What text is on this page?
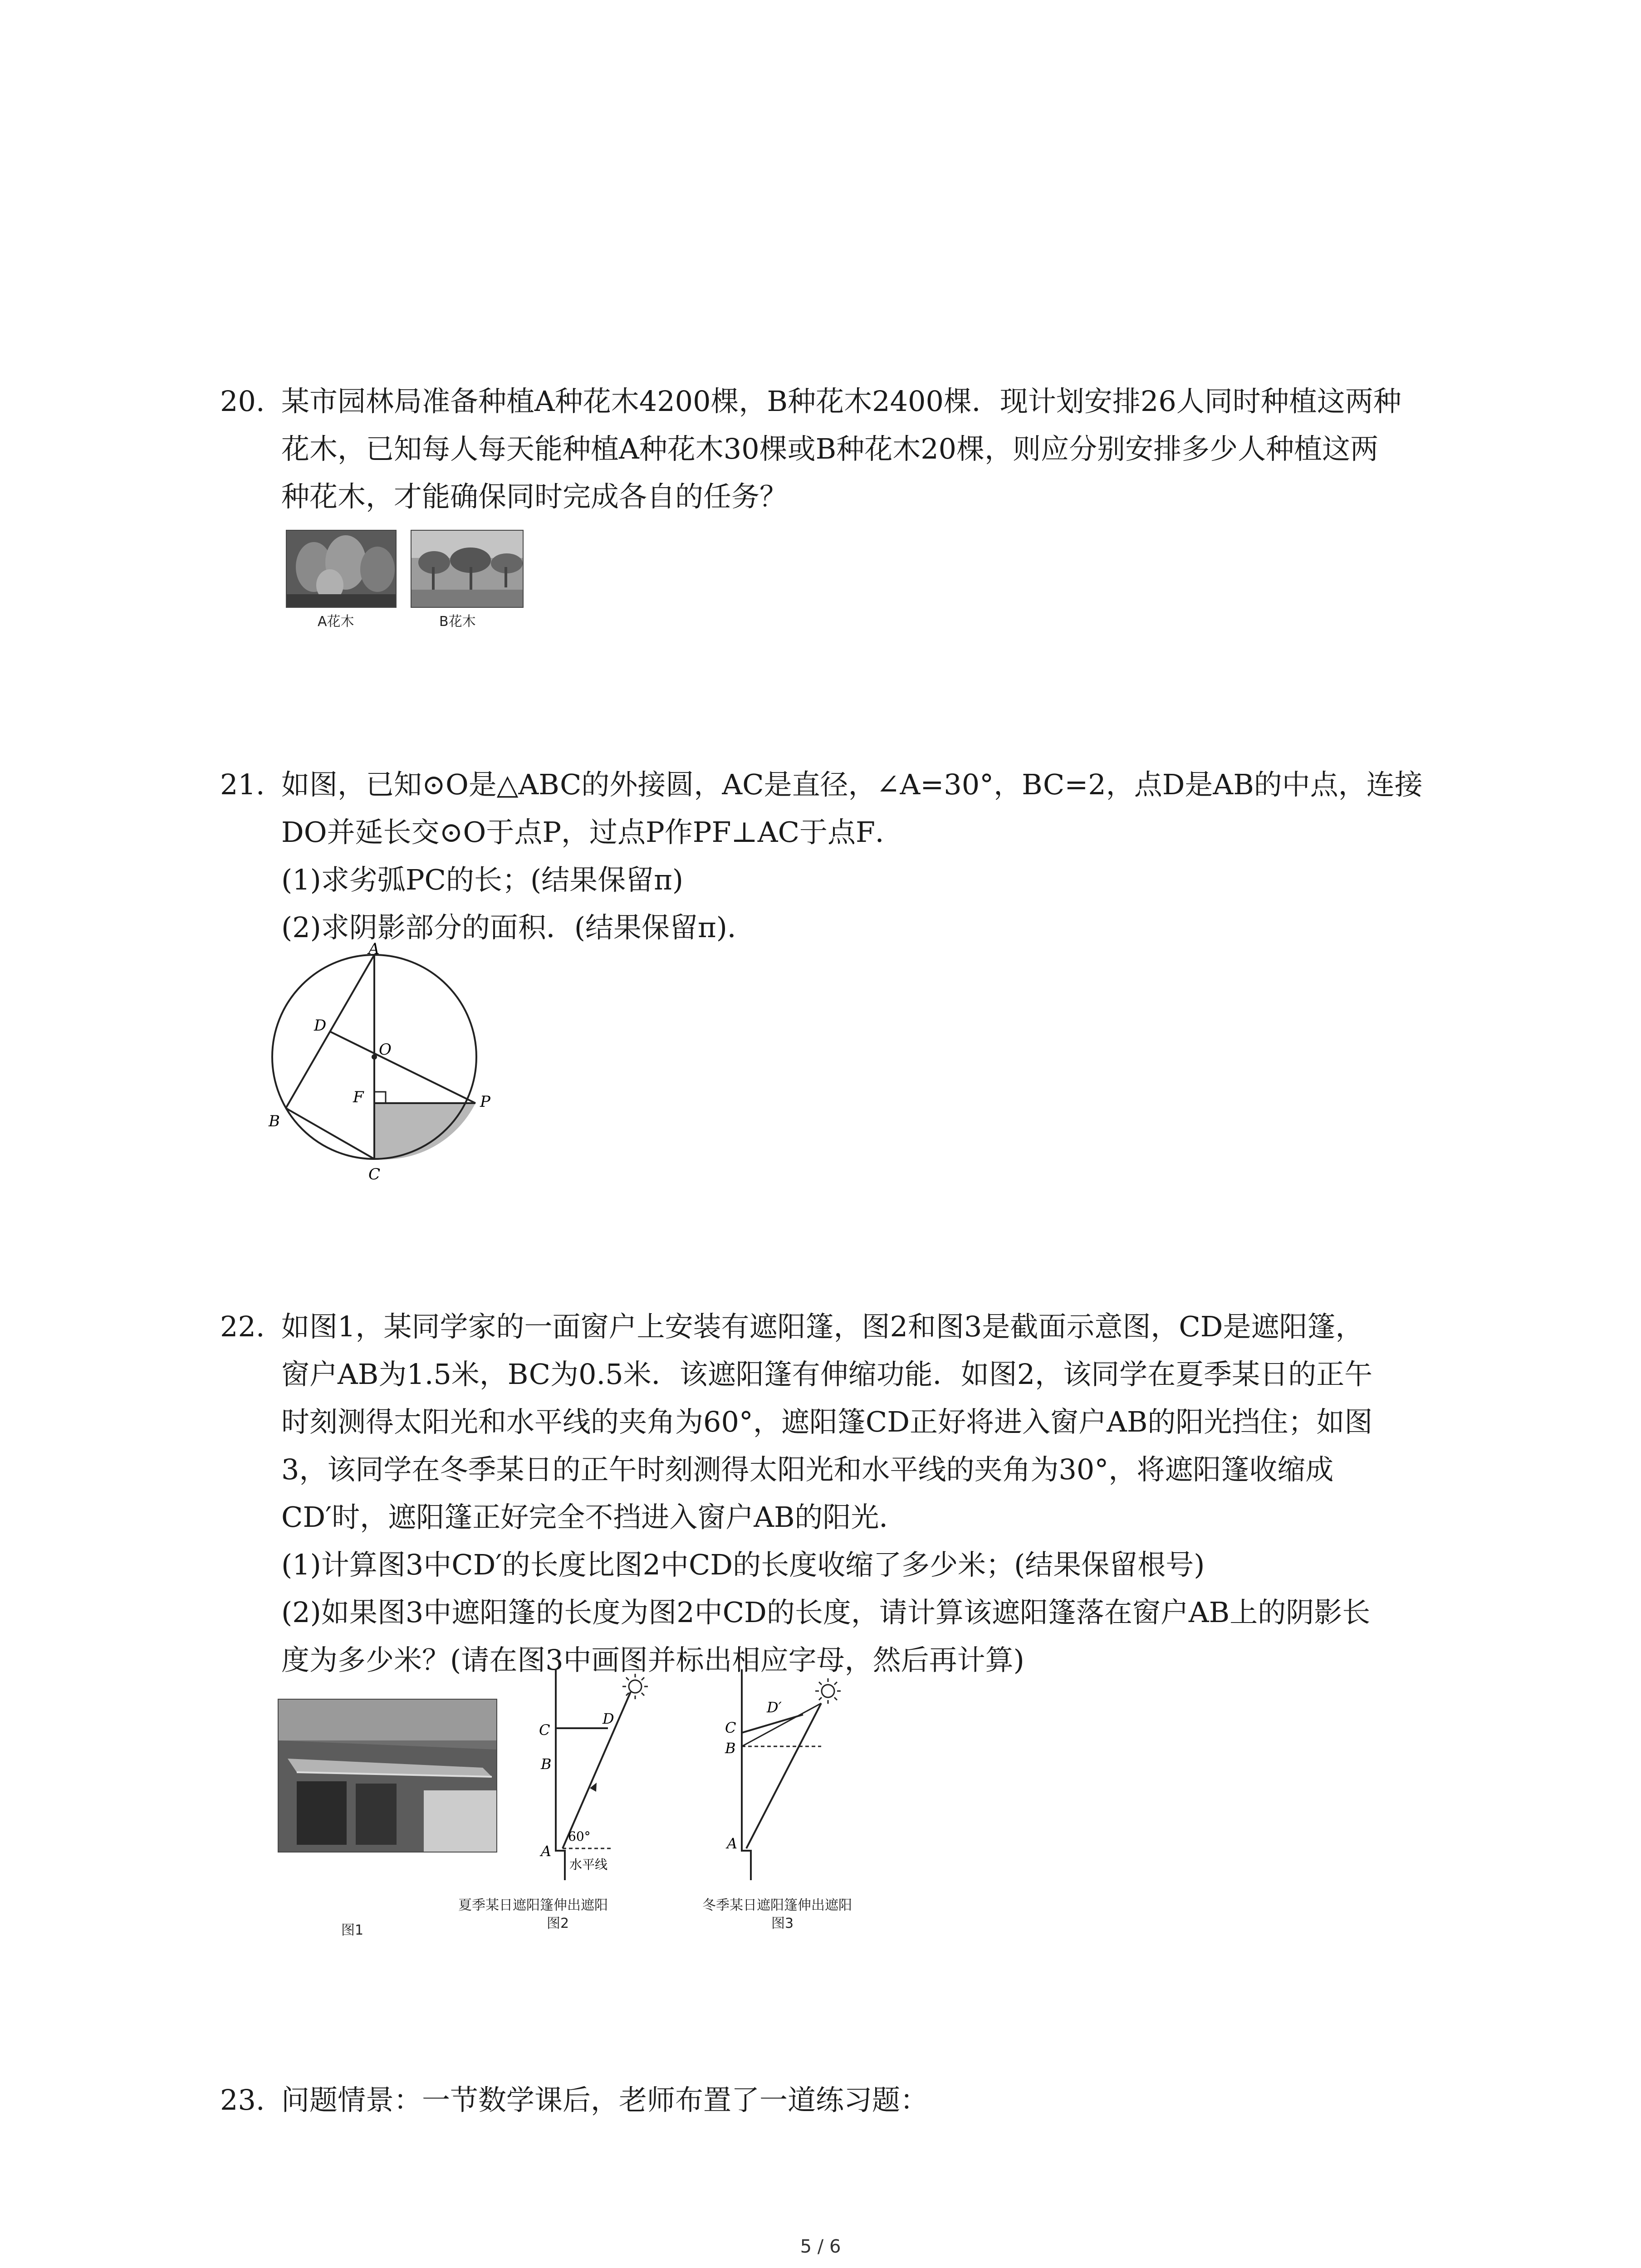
20. 某市园林局准备种植A种花木4200棵，B种花木2400棵．现计划安排26人同时种植这两种
花木，已知每人每天能种植A种花木30棵或B种花木20棵，则应分别安排多少人种植这两
种花木，才能确保同时完成各自的任务？
A花木	B花木
21. 如图，已知⊙O是△ABC的外接圆，AC是直径，∠A=30°，BC=2，点D是AB的中点，连接
DO并延长交⊙O于点P，过点P作PF⊥AC于点F．
(1)求劣弧PC的长；(结果保留π)
(2)求阴影部分的面积．(结果保留π)．
A
B
C
D
O
F	P
22. 如图1，某同学家的一面窗户上安装有遮阳篷，图2和图3是截面示意图，CD是遮阳篷，
窗户AB为1.5米，BC为0.5米．该遮阳篷有伸缩功能．如图2，该同学在夏季某日的正午
时刻测得太阳光和水平线的夹角为60°，遮阳篷CD正好将进入窗户AB的阳光挡住；如图
3，该同学在冬季某日的正午时刻测得太阳光和水平线的夹角为30°，将遮阳篷收缩成
CD′时，遮阳篷正好完全不挡进入窗户AB的阳光．
(1)计算图3中CD′的长度比图2中CD的长度收缩了多少米；(结果保留根号)
(2)如果图3中遮阳篷的长度为图2中CD的长度，请计算该遮阳篷落在窗户AB上的阴影长
度为多少米？(请在图3中画图并标出相应字母，然后再计算)
图1
C
D
B
A
60°
水平线
夏季某日遮阳篷伸出遮阳
图2
C
D′
B
A
冬季某日遮阳篷伸出遮阳
图3
23. 问题情景：一节数学课后，老师布置了一道练习题：
5 / 6
